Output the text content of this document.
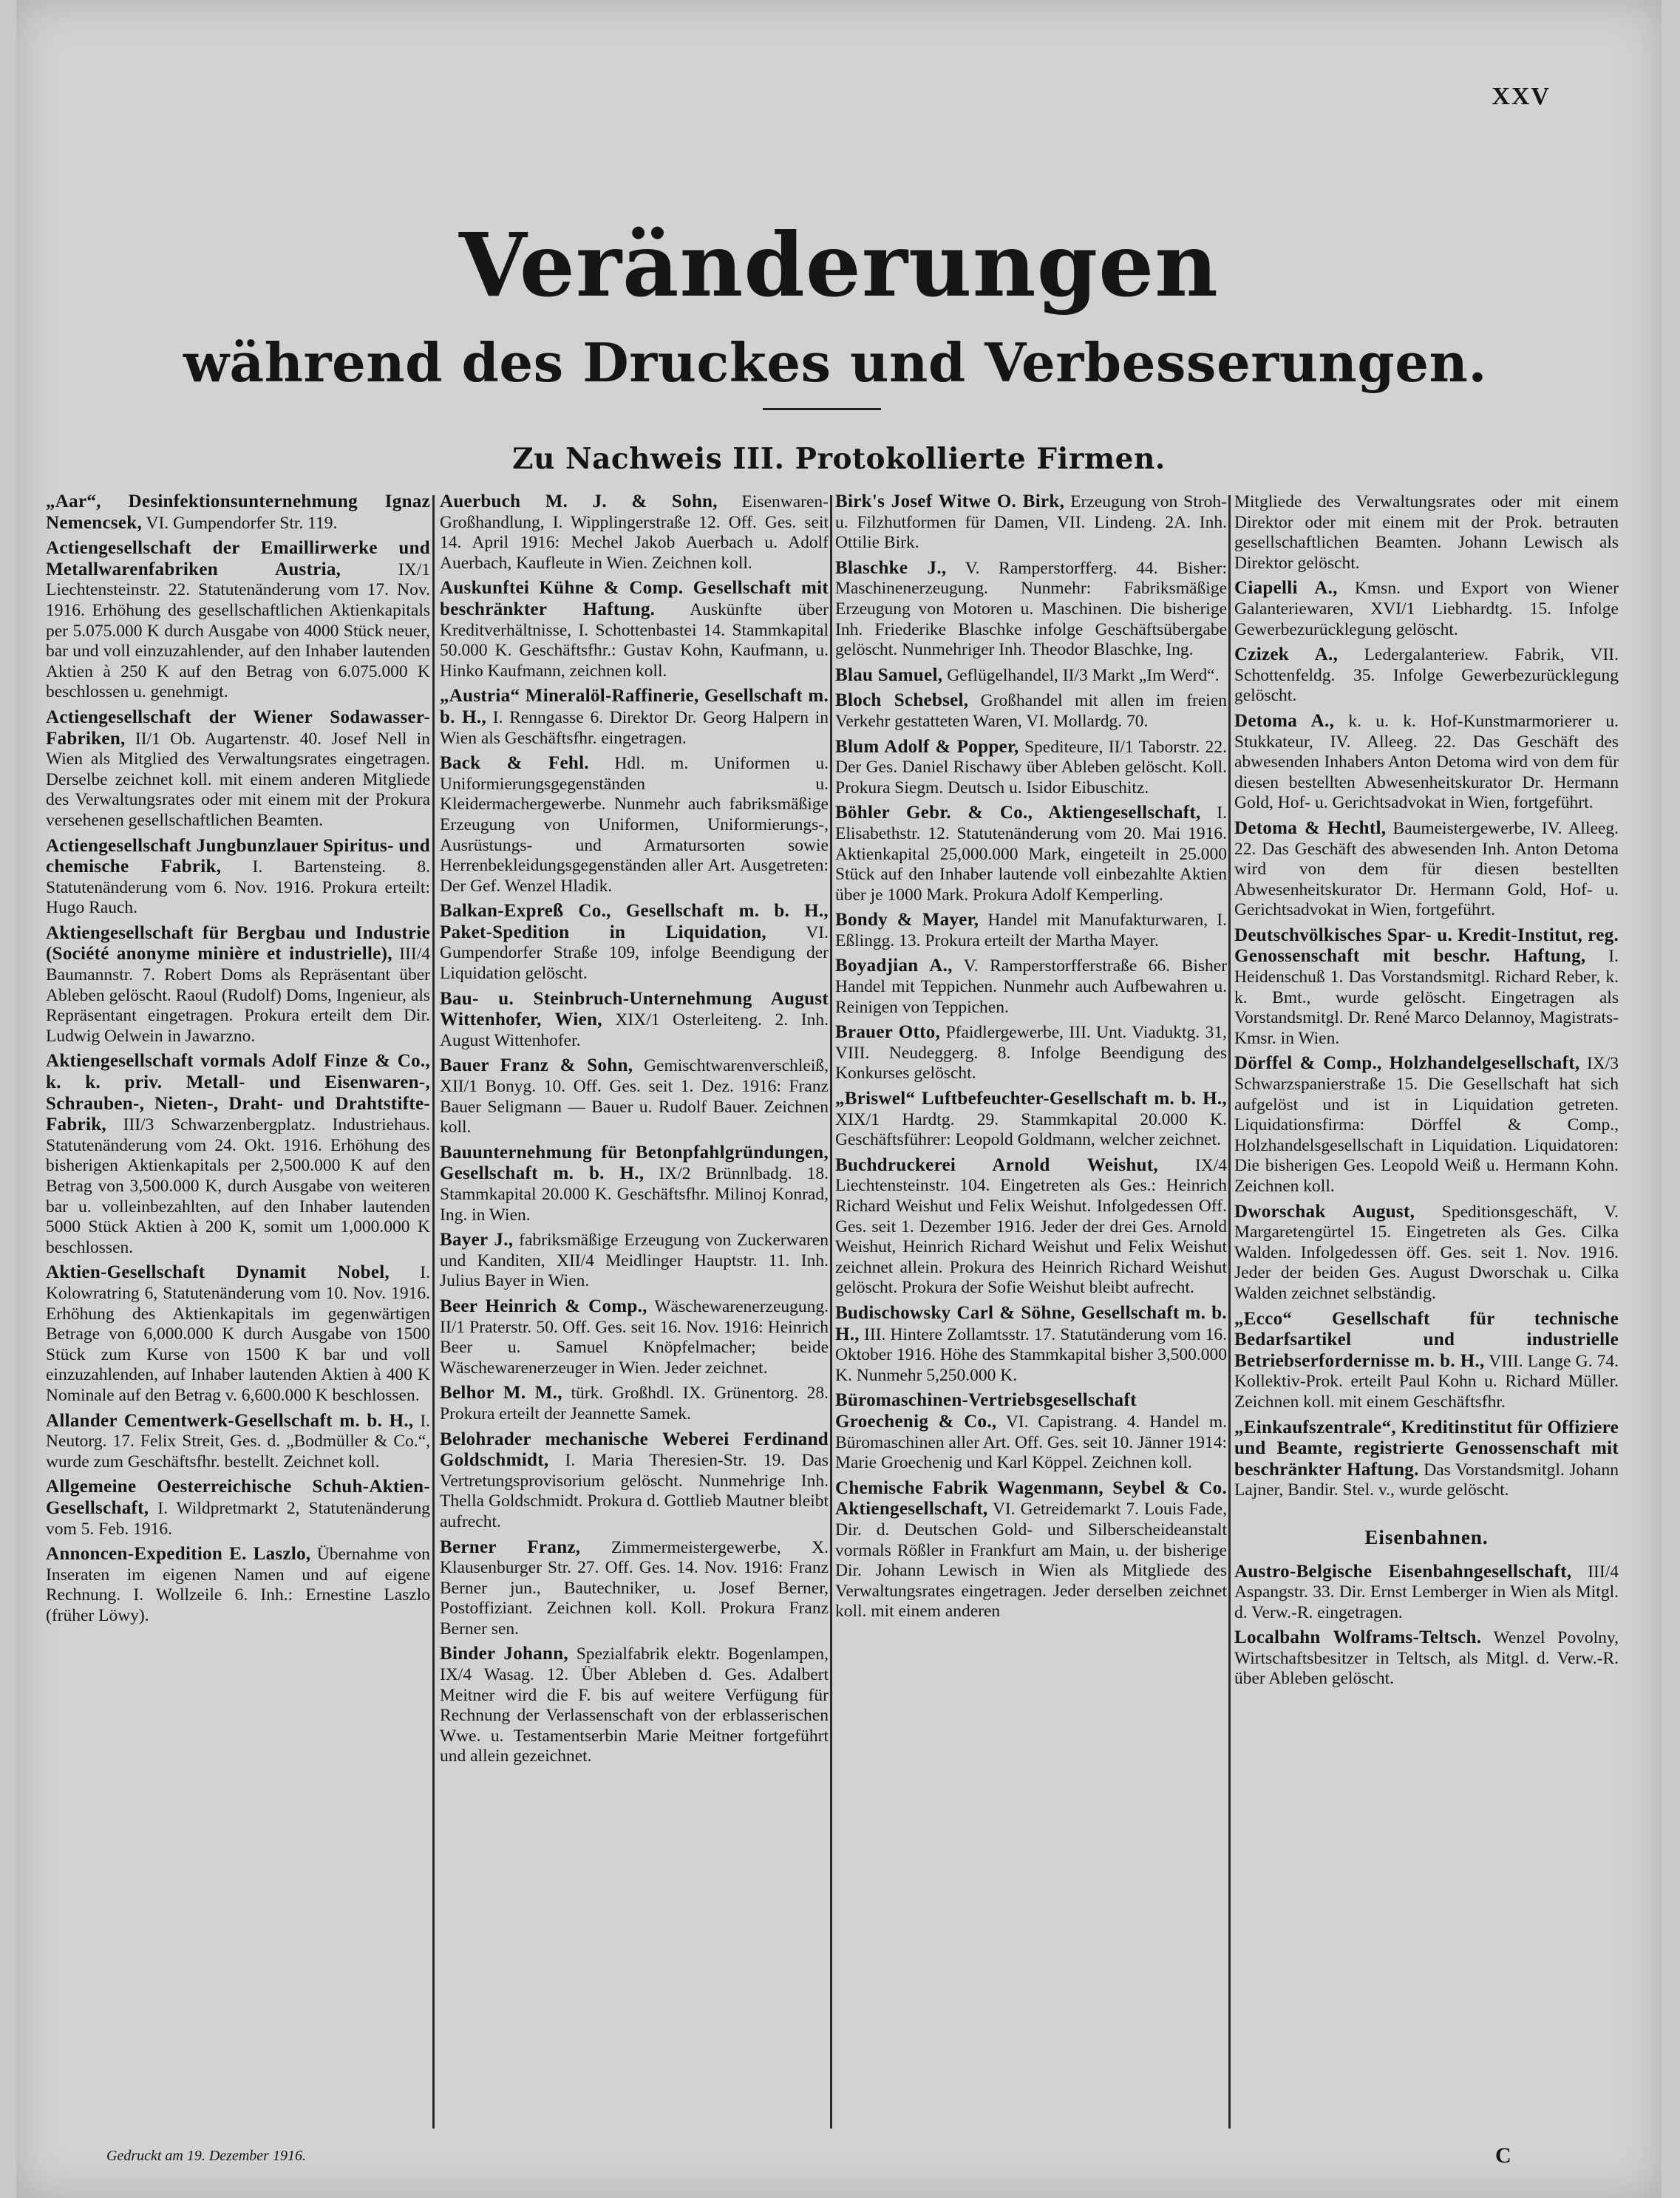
XXV
Veränderungen
während des Druckes und Verbesserungen.
Zu Nachweis III. Protokollierte Firmen.

„Aar“, Desinfektionsunternehmung Ignaz Nemencsek, VI. Gumpendorfer Str. 119.

Actiengesellschaft der Emaillirwerke und Metallwarenfabriken Austria,	IX/1 Liechtensteinstr. 22. Statutenänderung vom 17. Nov. 1916. Erhöhung des gesellschaftlichen Aktienkapitals per 5.075.000 K durch Ausgabe von 4000 Stück neuer, bar und voll einzuzahlender, auf den Inhaber lautenden Aktien à 250 K auf den Betrag von 6.075.000 K beschlossen u. genehmigt.

Actiengesellschaft der Wiener Sodawasser-Fabriken, II/1 Ob. Augartenstr. 40. Josef Nell in Wien als Mitglied des Verwaltungsrates eingetragen. Derselbe zeichnet koll. mit einem anderen Mitgliede des Verwaltungsrates oder mit einem mit der Prokura versehenen gesellschaftlichen Beamten.

Actiengesellschaft Jungbunzlauer Spiritus- und chemische Fabrik, I. Bartensteing. 8. Statutenänderung vom 6. Nov. 1916. Prokura erteilt: Hugo Rauch.

Aktiengesellschaft für Bergbau und Industrie (Société anonyme minière et industrielle), III/4 Baumannstr. 7. Robert Doms als Repräsentant über Ableben gelöscht. Raoul (Rudolf) Doms, Ingenieur, als Repräsentant eingetragen. Prokura erteilt dem Dir. Ludwig Oelwein in Jawarzno.

Aktiengesellschaft vormals Adolf Finze & Co., k. k. priv. Metall- und Eisenwaren-, Schrauben-, Nieten-, Draht- und Drahtstifte-Fabrik, III/3 Schwarzenbergplatz. Industriehaus. Statutenänderung vom 24. Okt. 1916. Erhöhung des bisherigen Aktienkapitals per 2,500.000 K auf den Betrag von 3,500.000 K, durch Ausgabe von weiteren bar u. volleinbezahlten, auf den Inhaber lautenden 5000 Stück Aktien à 200 K, somit um 1,000.000 K beschlossen.

Aktien-Gesellschaft Dynamit Nobel, I. Kolowratring 6, Statutenänderung vom 10. Nov. 1916. Erhöhung des Aktienkapitals im gegenwärtigen Betrage von 6,000.000 K durch Ausgabe von 1500 Stück zum Kurse von 1500 K bar und voll einzuzahlenden, auf Inhaber lautenden Aktien à 400 K Nominale auf den Betrag v. 6,600.000 K beschlossen.

Allander Cementwerk-Gesellschaft m. b. H., I. Neutorg. 17. Felix Streit, Ges. d. „Bodmüller & Co.“, wurde zum Geschäftsfhr. bestellt. Zeichnet koll.

Allgemeine Oesterreichische Schuh-Aktien-Gesellschaft, I. Wildpretmarkt 2, Statutenänderung vom 5. Feb. 1916.

Annoncen-Expedition E. Laszlo, Übernahme von Inseraten im eigenen Namen und auf eigene Rechnung. I. Wollzeile 6. Inh.: Ernestine Laszlo (früher Löwy).

Auerbuch M. J. & Sohn, Eisenwaren-Großhandlung, I. Wipplingerstraße 12. Off. Ges. seit 14. April 1916: Mechel Jakob Auerbach u. Adolf Auerbach, Kaufleute in Wien. Zeichnen koll.

Auskunftei Kühne & Comp. Gesellschaft mit beschränkter Haftung. Auskünfte über Kreditverhältnisse, I. Schottenbastei 14. Stammkapital 50.000 K. Geschäftsfhr.: Gustav Kohn, Kaufmann, u. Hinko Kaufmann, zeichnen koll.

„Austria“ Mineralöl-Raffinerie, Gesellschaft m. b. H., I. Renngasse 6. Direktor Dr. Georg Halpern in Wien als Geschäftsfhr. eingetragen.

Back & Fehl. Hdl. m. Uniformen u. Uniformierungsgegenständen u. Kleidermachergewerbe. Nunmehr auch fabriksmäßige Erzeugung von Uniformen, Uniformierungs-, Ausrüstungs- und Armatursorten sowie Herrenbekleidungsgegenständen aller Art. Ausgetreten: Der Gef. Wenzel Hladik.

Balkan-Expreß Co., Gesellschaft m. b. H., Paket-Spedition in Liquidation, VI. Gumpendorfer Straße 109, infolge Beendigung der Liquidation gelöscht.

Bau- u. Steinbruch-Unternehmung August Wittenhofer, Wien, XIX/1 Osterleiteng. 2. Inh. August Wittenhofer.

Bauer Franz & Sohn, Gemischtwarenverschleiß, XII/1 Bonyg. 10. Off. Ges. seit 1. Dez. 1916: Franz Bauer Seligmann — Bauer u. Rudolf Bauer. Zeichnen koll.

Bauunternehmung für Betonpfahlgründungen, Gesellschaft m. b. H., IX/2 Brünnlbadg. 18. Stammkapital 20.000 K. Geschäftsfhr. Milinoj Konrad, Ing. in Wien.

Bayer J., fabriksmäßige Erzeugung von Zuckerwaren und Kanditen, XII/4 Meidlinger Hauptstr. 11. Inh. Julius Bayer in Wien.

Beer Heinrich & Comp., Wäschewarenerzeugung. II/1 Praterstr. 50. Off. Ges. seit 16. Nov. 1916: Heinrich Beer u. Samuel Knöpfelmacher; beide Wäschewarenerzeuger in Wien. Jeder zeichnet.

Belhor M. M., türk. Großhdl. IX. Grünentorg. 28. Prokura erteilt der Jeannette Samek.

Belohrader mechanische Weberei Ferdinand Goldschmidt, I. Maria Theresien-Str. 19. Das Vertretungsprovisorium gelöscht. Nunmehrige Inh. Thella Goldschmidt. Prokura d. Gottlieb Mautner bleibt aufrecht.

Berner Franz, Zimmermeistergewerbe, X. Klausenburger Str. 27. Off. Ges. 14. Nov. 1916: Franz Berner jun., Bautechniker, u. Josef Berner, Postoffiziant. Zeichnen koll. Koll. Prokura Franz Berner sen.

Binder Johann, Spezialfabrik elektr. Bogenlampen, IX/4 Wasag. 12. Über Ableben d. Ges. Adalbert Meitner wird die F. bis auf weitere Verfügung für Rechnung der Verlassenschaft von der erblasserischen Wwe. u. Testamentserbin Marie Meitner fortgeführt und allein gezeichnet.

Birk's Josef Witwe O. Birk, Erzeugung von Stroh- u. Filzhutformen für Damen, VII. Lindeng. 2A. Inh. Ottilie Birk.

Blaschke J., V. Ramperstorfferg. 44. Bisher: Maschinenerzeugung. Nunmehr: Fabriksmäßige Erzeugung von Motoren u. Maschinen. Die bisherige Inh. Friederike Blaschke infolge Geschäftsübergabe gelöscht. Nunmehriger Inh. Theodor Blaschke, Ing.

Blau Samuel, Geflügelhandel, II/3 Markt „Im Werd“.

Bloch Schebsel, Großhandel mit allen im freien Verkehr gestatteten Waren, VI. Mollardg. 70.

Blum Adolf & Popper, Spediteure, II/1 Taborstr. 22. Der Ges. Daniel Rischawy über Ableben gelöscht. Koll. Prokura Siegm. Deutsch u. Isidor Eibuschitz.

Böhler Gebr. & Co., Aktiengesellschaft, I. Elisabethstr. 12. Statutenänderung vom 20. Mai 1916. Aktienkapital 25,000.000 Mark, eingeteilt in 25.000 Stück auf den Inhaber lautende voll einbezahlte Aktien über je 1000 Mark. Prokura Adolf Kemperling.

Bondy & Mayer, Handel mit Manufakturwaren, I. Eßlingg. 13. Prokura erteilt der Martha Mayer.

Boyadjian A., V. Ramperstorfferstraße 66. Bisher Handel mit Teppichen. Nunmehr auch Aufbewahren u. Reinigen von Teppichen.

Brauer Otto, Pfaidlergewerbe, III. Unt. Viaduktg. 31, VIII. Neudeggerg. 8. Infolge Beendigung des Konkurses gelöscht.

„Briswel“ Luftbefeuchter-Gesellschaft m. b. H., XIX/1 Hardtg. 29. Stammkapital 20.000 K. Geschäftsführer: Leopold Goldmann, welcher zeichnet.

Buchdruckerei Arnold Weishut, IX/4 Liechtensteinstr. 104. Eingetreten als Ges.: Heinrich Richard Weishut und Felix Weishut. Infolgedessen Off. Ges. seit 1. Dezember 1916. Jeder der drei Ges. Arnold Weishut, Heinrich Richard Weishut und Felix Weishut zeichnet allein. Prokura des Heinrich Richard Weishut gelöscht. Prokura der Sofie Weishut bleibt aufrecht.

Budischowsky Carl & Söhne, Gesellschaft m. b. H., III. Hintere Zollamtsstr. 17. Statutänderung vom 16. Oktober 1916. Höhe des Stammkapital bisher 3,500.000 K. Nunmehr 5,250.000 K.

Büromaschinen-Vertriebsgesellschaft Groechenig & Co., VI. Capistrang. 4. Handel m. Büromaschinen aller Art. Off. Ges. seit 10. Jänner 1914: Marie Groechenig und Karl Köppel. Zeichnen koll.

Chemische Fabrik Wagenmann, Seybel & Co. Aktiengesellschaft, VI. Getreidemarkt 7. Louis Fade, Dir. d. Deutschen Gold- und Silberscheideanstalt vormals Rößler in Frankfurt am Main, u. der bisherige Dir. Johann Lewisch in Wien als Mitgliede des Verwaltungsrates eingetragen. Jeder derselben zeichnet koll. mit einem anderen

Mitgliede des Verwaltungsrates oder mit einem Direktor oder mit einem mit der Prok. betrauten gesellschaftlichen Beamten. Johann Lewisch als Direktor gelöscht.

Ciapelli A., Kmsn. und Export von Wiener Galanteriewaren, XVI/1 Liebhardtg. 15. Infolge Gewerbezurücklegung gelöscht.

Czizek A., Ledergalanteriew. Fabrik, VII. Schottenfeldg. 35. Infolge Gewerbezurücklegung gelöscht.

Detoma A., k. u. k. Hof-Kunstmarmorierer u. Stukkateur, IV. Alleeg. 22. Das Geschäft des abwesenden Inhabers Anton Detoma wird von dem für diesen bestellten Abwesenheitskurator Dr. Hermann Gold, Hof- u. Gerichtsadvokat in Wien, fortgeführt.

Detoma & Hechtl, Baumeistergewerbe, IV. Alleeg. 22. Das Geschäft des abwesenden Inh. Anton Detoma wird von dem für diesen bestellten Abwesenheitskurator Dr. Hermann Gold, Hof- u. Gerichtsadvokat in Wien, fortgeführt.

Deutschvölkisches Spar- u. Kredit-Institut, reg. Genossenschaft mit beschr. Haftung, I. Heidenschuß 1. Das Vorstandsmitgl. Richard Reber, k. k. Bmt., wurde gelöscht. Eingetragen als Vorstandsmitgl. Dr. René Marco Delannoy, Magistrats-Kmsr. in Wien.

Dörffel & Comp., Holzhandelgesellschaft, IX/3 Schwarzspanierstraße 15. Die Gesellschaft hat sich aufgelöst und ist in Liquidation getreten. Liquidationsfirma: Dörffel & Comp., Holzhandelsgesellschaft in Liquidation. Liquidatoren: Die bisherigen Ges. Leopold Weiß u. Hermann Kohn. Zeichnen koll.

Dworschak August, Speditionsgeschäft, V. Margaretengürtel 15. Eingetreten als Ges. Cilka Walden. Infolgedessen öff. Ges. seit 1. Nov. 1916. Jeder der beiden Ges. August Dworschak u. Cilka Walden zeichnet selbständig.

„Ecco“ Gesellschaft für technische Bedarfsartikel und industrielle Betriebserfordernisse m. b. H., VIII. Lange G. 74. Kollektiv-Prok. erteilt Paul Kohn u. Richard Müller. Zeichnen koll. mit einem Geschäftsfhr.

„Einkaufszentrale“, Kreditinstitut für Offiziere und Beamte, registrierte Genossenschaft mit beschränkter Haftung. Das Vorstandsmitgl. Johann Lajner, Bandir. Stel. v., wurde gelöscht.

Eisenbahnen.

Austro-Belgische Eisenbahngesellschaft, III/4 Aspangstr. 33. Dir. Ernst Lemberger in Wien als Mitgl. d. Verw.-R. eingetragen.

Localbahn Wolframs-Teltsch. Wenzel Povolny, Wirtschaftsbesitzer in Teltsch, als Mitgl. d. Verw.-R. über Ableben gelöscht.

Gedruckt am 19. Dezember 1916.	C
